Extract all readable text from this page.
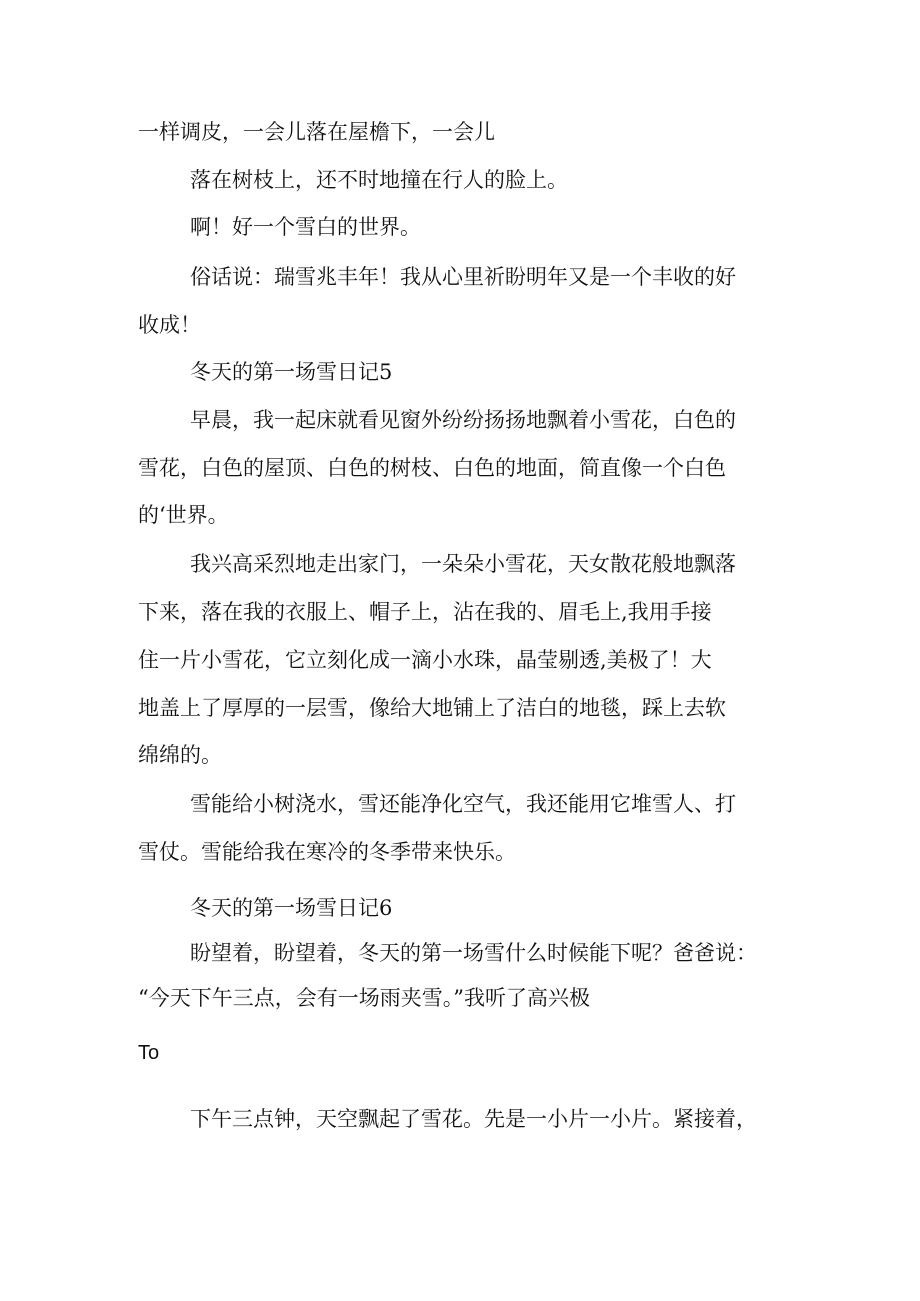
一样调皮，一会儿落在屋檐下，一会儿
落在树枝上，还不时地撞在行人的脸上。
啊！好一个雪白的世界。
俗话说：瑞雪兆丰年！我从心里祈盼明年又是一个丰收的好
收成！
冬天的第一场雪日记5
早晨，我一起床就看见窗外纷纷扬扬地飘着小雪花，白色的
雪花，白色的屋顶、白色的树枝、白色的地面，简直像一个白色
的‘世界。
我兴高采烈地走出家门，一朵朵小雪花，天女散花般地飘落
下来，落在我的衣服上、帽子上，沾在我的、眉毛上,我用手接
住一片小雪花，它立刻化成一滴小水珠，晶莹剔透,美极了！大
地盖上了厚厚的一层雪，像给大地铺上了洁白的地毯，踩上去软
绵绵的。
雪能给小树浇水，雪还能净化空气，我还能用它堆雪人、打
雪仗。雪能给我在寒冷的冬季带来快乐。
冬天的第一场雪日记6
盼望着，盼望着，冬天的第一场雪什么时候能下呢？爸爸说：
“今天下午三点，会有一场雨夹雪。”我听了高兴极
To
下午三点钟，天空飘起了雪花。先是一小片一小片。紧接着，
